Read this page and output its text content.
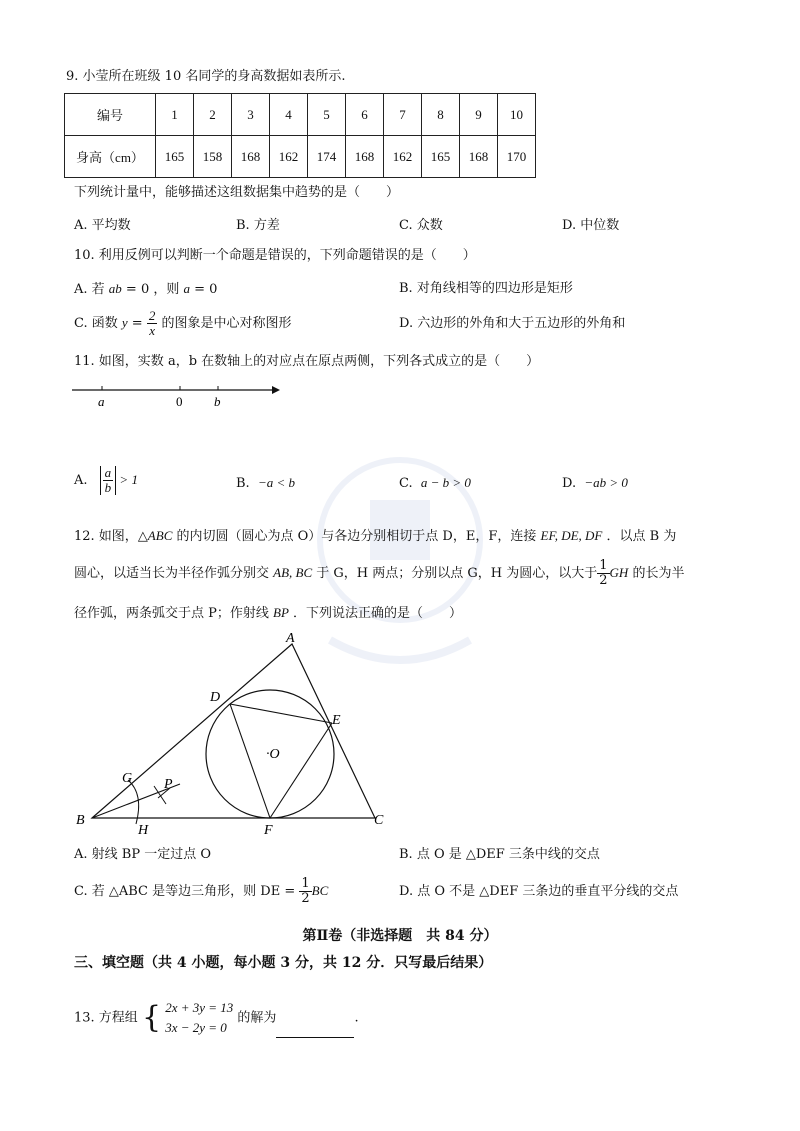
9. 小莹所在班级 10 名同学的身高数据如表所示.
编号	1	2	3	4	5	6	7	8	9	10
身高（cm）	165	158	168	162	174	168	162	165	168	170
下列统计量中，能够描述这组数据集中趋势的是（　　）
A. 平均数	B. 方差	C. 众数	D. 中位数
10. 利用反例可以判断一个命题是错误的，下列命题错误的是（　　）
A. 若 ab = 0 ，则 a = 0	B. 对角线相等的四边形是矩形
C. 函数 $y = \frac{2}{x}$ 的图象是中心对称图形	D. 六边形的外角和大于五边形的外角和
11. 如图，实数 a，b 在数轴上的对应点在原点两侧，下列各式成立的是（　　）
a	0 b
A. $\frac{a}{b} > 1$	B. −a < b	C. a − b > 0	D. −ab > 0
12. 如图，△ABC 的内切圆（圆心为点 O）与各边分别相切于点 D，E，F，连接 EF, DE, DF ．以点 B 为
圆心，以适当长为半径作弧分别交 AB, BC 于 G，H 两点；分别以点 G，H 为圆心，以大于 $\frac{1}{2}$ GH 的长为半
径作弧，两条弧交于点 P；作射线 BP ．下列说法正确的是（　　）
A
B	C
D
E
F
G
H
P
·O
A. 射线 BP 一定过点 O	B. 点 O 是 △DEF 三条中线的交点
C. 若 △ABC 是等边三角形，则 DE = $\frac{1}{2}$ BC	D. 点 O 不是 △DEF 三条边的垂直平分线的交点
第Ⅱ卷（非选择题　共 84 分）
三、填空题（共 4 小题，每小题 3 分，共 12 分．只写最后结果）
13. 方程组 { 2x + 3y = 13
3x − 2y = 0
的解为	.
